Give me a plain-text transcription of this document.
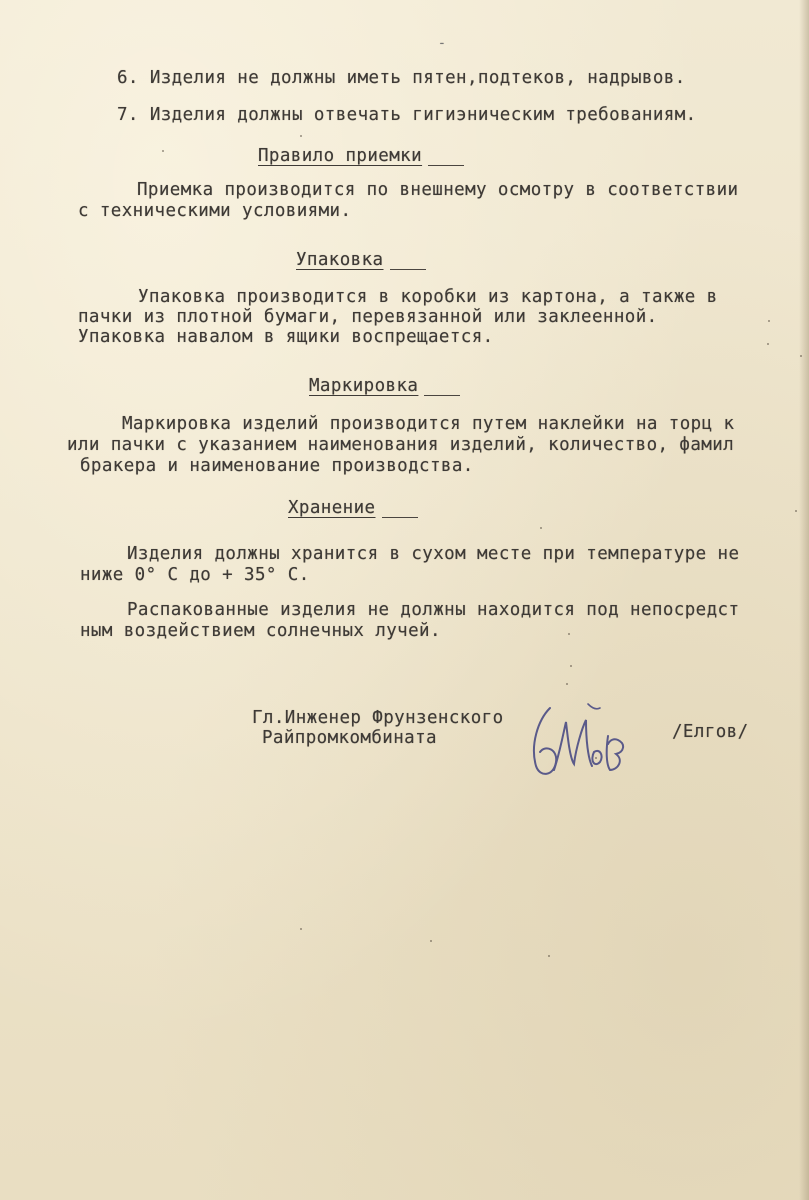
-
6. Изделия не должны иметь пятен,подтеков, надрывов.
7. Изделия должны отвечать гигиэническим требованиям.
Правило приемки
Приемка производится по внешнему осмотру в соответствии
с техническими условиями.
Упаковка
Упаковка производится в коробки из картона, а также в
пачки из плотной бумаги, перевязанной или заклеенной.
Упаковка навалом в ящики воспрещается.
Маркировка
Маркировка изделий производится путем наклейки на торц к
или пачки с указанием наименования изделий, количество, фамил
бракера и наименование производства.
Хранение
Изделия должны хранится в сухом месте при температуре не
ниже 0° С до + 35° С.
Распакованные изделия не должны находится под непосредст
ным воздействием солнечных лучей.
Гл.Инженер Фрунзенского
Райпромкомбината	/Елгов/
